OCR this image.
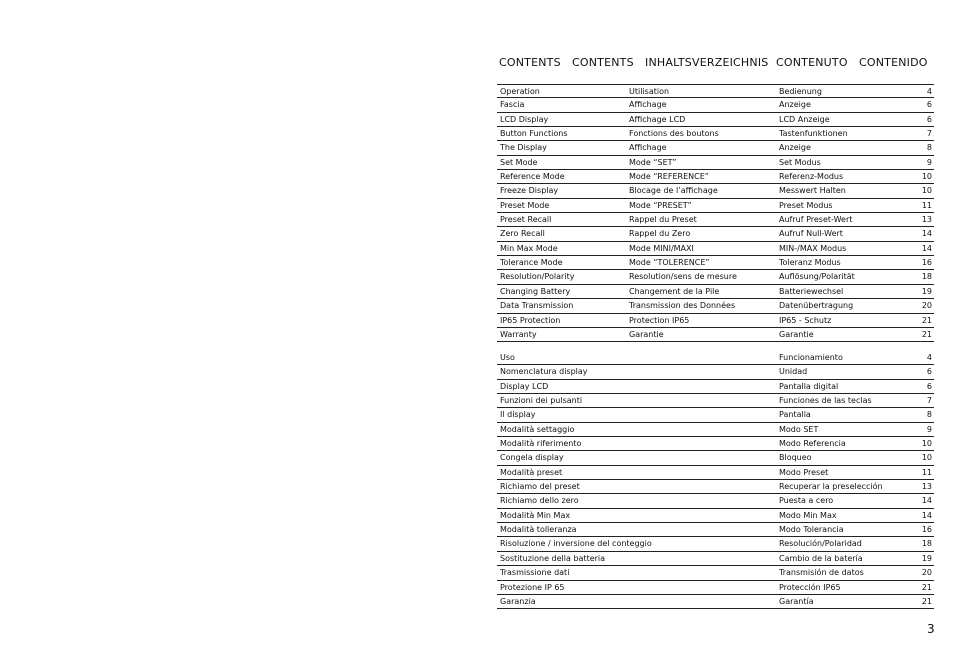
CONTENTS CONTENTS INHALTSVERZEICHNIS CONTENUTO CONTENIDO
Operation	Utilisation	Bedienung	4
Fascia	Affichage	Anzeige	6
LCD Display	Affichage LCD	LCD Anzeige	6
Button Functions	Fonctions des boutons	Tastenfunktionen	7
The Display	Affichage	Anzeige	8
Set Mode	Mode “SET”	Set Modus	9
Reference Mode	Mode “REFERENCE”	Referenz-Modus	10
Freeze Display	Blocage de l’affichage	Messwert Halten	10
Preset Mode	Mode “PRESET”	Preset Modus	11
Preset Recall	Rappel du Preset	Aufruf Preset-Wert	13
Zero Recall	Rappel du Zero	Aufruf Null-Wert	14
Min Max Mode	Mode MINI/MAXI	MIN-/MAX Modus	14
Tolerance Mode	Mode “TOLERENCE”	Toleranz Modus	16
Resolution/Polarity	Resolution/sens de mesure	Auflösung/Polarität	18
Changing Battery	Changement de la Pile	Batteriewechsel	19
Data Transmission	Transmission des Données	Datenübertragung	20
IP65 Protection	Protection IP65	IP65 - Schutz	21
Warranty	Garantie	Garantie	21
Uso	Funcionamiento	4
Nomenclatura display	Unidad	6
Display LCD	Pantalla digital	6
Funzioni dei pulsanti	Funciones de las teclas	7
Il display	Pantalla	8
Modalità settaggio	Modo SET	9
Modalità riferimento	Modo Referencia	10
Congela display	Bloqueo	10
Modalità preset	Modo Preset	11
Richiamo del preset	Recuperar la preselección	13
Richiamo dello zero	Puesta a cero	14
Modalità Min Max	Modo Min Max	14
Modalità tolleranza	Modo Tolerancia	16
Risoluzione / inversione del conteggio	Resolución/Polaridad	18
Sostituzione della batteria	Cambio de la batería	19
Trasmissione dati	Transmisión de datos	20
Protezione IP 65	Protección IP65	21
Garanzia	Garantía	21
3
